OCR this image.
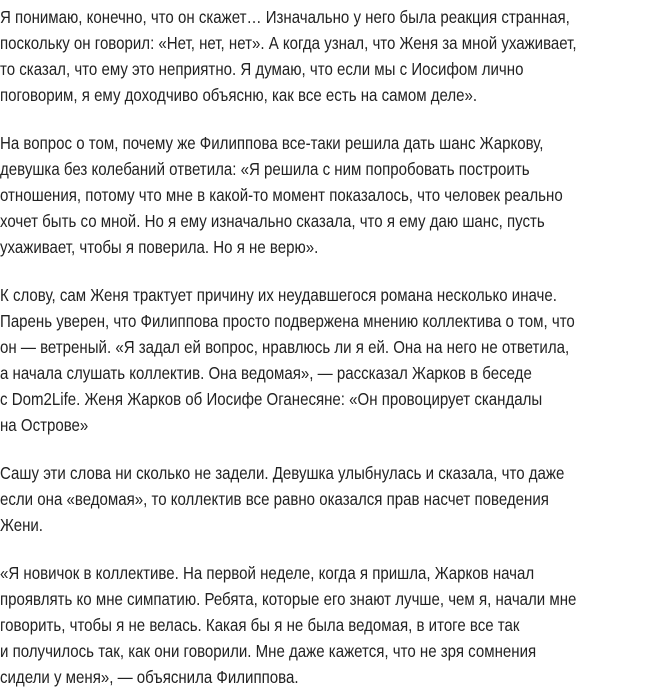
Я понимаю, конечно, что он скажет… Изначально у него была реакция странная,
поскольку он говорил: «Нет, нет, нет». А когда узнал, что Женя за мной ухаживает,
то сказал, что ему это неприятно. Я думаю, что если мы с Иосифом лично
поговорим, я ему доходчиво объясню, как все есть на самом деле».

На вопрос о том, почему же Филиппова все-таки решила дать шанс Жаркову,
девушка без колебаний ответила: «Я решила с ним попробовать построить
отношения, потому что мне в какой-то момент показалось, что человек реально
хочет быть со мной. Но я ему изначально сказала, что я ему даю шанс, пусть
ухаживает, чтобы я поверила. Но я не верю».

К слову, сам Женя трактует причину их неудавшегося романа несколько иначе.
Парень уверен, что Филиппова просто подвержена мнению коллектива о том, что
он — ветреный. «Я задал ей вопрос, нравлюсь ли я ей. Она на него не ответила,
а начала слушать коллектив. Она ведомая», — рассказал Жарков в беседе
с Dom2Life. Женя Жарков об Иосифе Оганесяне: «Он провоцирует скандалы
на Острове»

Сашу эти слова ни сколько не задели. Девушка улыбнулась и сказала, что даже
если она «ведомая», то коллектив все равно оказался прав насчет поведения
Жени.

«Я новичок в коллективе. На первой неделе, когда я пришла, Жарков начал
проявлять ко мне симпатию. Ребята, которые его знают лучше, чем я, начали мне
говорить, чтобы я не велась. Какая бы я не была ведомая, в итоге все так
и получилось так, как они говорили. Мне даже кажется, что не зря сомнения
сидели у меня», — объяснила Филиппова.
